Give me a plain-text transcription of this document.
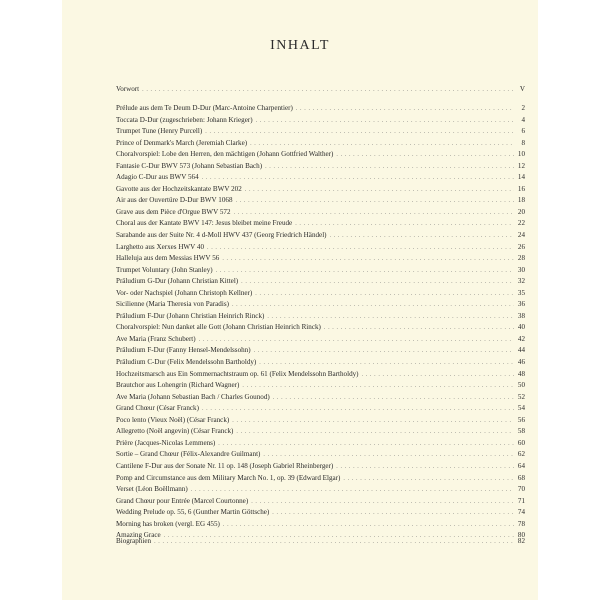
INHALT
Vorwort . . .	V
Prélude aus dem Te Deum D-Dur (Marc-Antoine Charpentier) . . .	2
Toccata D-Dur (zugeschrieben: Johann Krieger) . . .	4
Trumpet Tune (Henry Purcell) . . .	6
Prince of Denmark's March (Jeremiah Clarke) . . .	8
Choralvorspiel: Lobe den Herren, den mächtigen (Johann Gottfried Walther) . . .	10
Fantasie C-Dur BWV 573 (Johann Sebastian Bach) . . .	12
Adagio C-Dur aus BWV 564 . . .	14
Gavotte aus der Hochzeitskantate BWV 202 . . .	16
Air aus der Ouvertüre D-Dur BWV 1068 . . .	18
Grave aus dem Pièce d'Orgue BWV 572 . . .	20
Choral aus der Kantate BWV 147: Jesus bleibet meine Freude . . .	22
Sarabande aus der Suite Nr. 4 d-Moll HWV 437 (Georg Friedrich Händel) . . .	24
Larghetto aus Xerxes HWV 40 . . .	26
Halleluja aus dem Messias HWV 56 . . .	28
Trumpet Voluntary (John Stanley) . . .	30
Präludium G-Dur (Johann Christian Kittel) . . .	32
Vor- oder Nachspiel (Johann Christoph Kellner) . . .	35
Sicilienne (Maria Theresia von Paradis) . . .	36
Präludium F-Dur (Johann Christian Heinrich Rinck) . . .	38
Choralvorspiel: Nun danket alle Gott (Johann Christian Heinrich Rinck) . . .	40
Ave Maria (Franz Schubert) . . .	42
Präludium F-Dur (Fanny Hensel-Mendelssohn) . . .	44
Präludium C-Dur (Felix Mendelssohn Bartholdy) . . .	46
Hochzeitsmarsch aus Ein Sommernachtstraum op. 61 (Felix Mendelssohn Bartholdy) . . .	48
Brautchor aus Lohengrin (Richard Wagner) . . .	50
Ave Maria (Johann Sebastian Bach / Charles Gounod) . . .	52
Grand Chœur (César Franck) . . .	54
Poco lento (Vieux Noël) (César Franck) . . .	56
Allegretto (Noël angevin) (César Franck) . . .	58
Prière (Jacques-Nicolas Lemmens) . . .	60
Sortie – Grand Chœur (Félix-Alexandre Guilmant) . . .	62
Cantilene F-Dur aus der Sonate Nr. 11 op. 148 (Joseph Gabriel Rheinberger) . . .	64
Pomp and Circumstance aus dem Military March No. 1, op. 39 (Edward Elgar) . . .	68
Verset (Léon Boëllmann) . . .	70
Grand Chœur pour Entrée (Marcel Courtonne) . . .	71
Wedding Prelude op. 55, 6 (Gunther Martin Göttsche) . . .	74
Morning has broken (vergl. EG 455) . . .	78
Amazing Grace . . .	80
Biographien . . .	82
